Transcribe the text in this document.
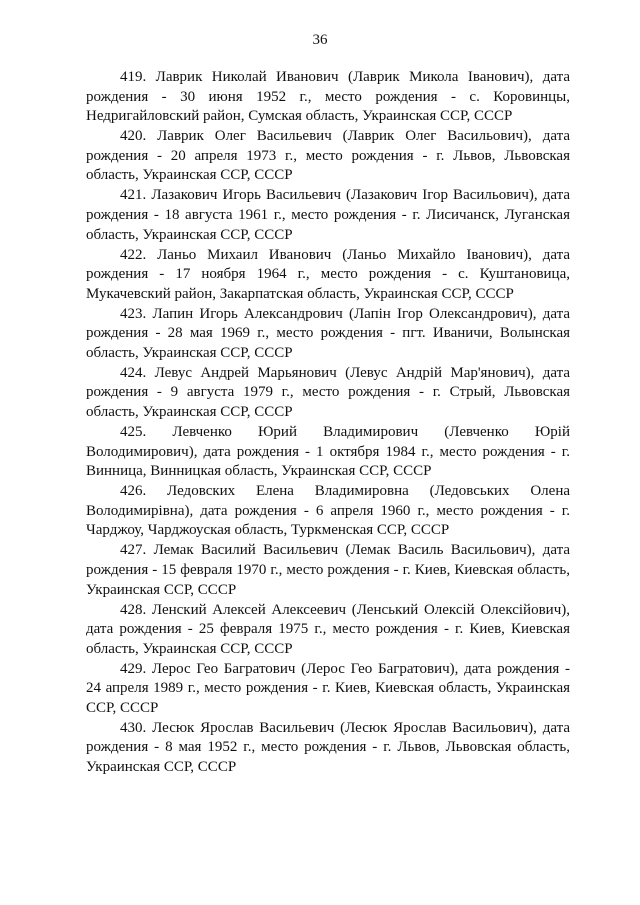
36

419. Лаврик Николай Иванович (Лаврик Микола Іванович), дата рождения - 30 июня 1952 г., место рождения - с. Коровинцы, Недригайловский район, Сумская область, Украинская ССР, СССР

420. Лаврик Олег Васильевич (Лаврик Олег Васильович), дата рождения - 20 апреля 1973 г., место рождения - г. Львов, Львовская область, Украинская ССР, СССР

421. Лазакович Игорь Васильевич (Лазакович Ігор Васильович), дата рождения - 18 августа 1961 г., место рождения - г. Лисичанск, Луганская область, Украинская ССР, СССР

422. Ланьо Михаил Иванович (Ланьо Михайло Іванович), дата рождения - 17 ноября 1964 г., место рождения - с. Куштановица, Мукачевский район, Закарпатская область, Украинская ССР, СССР

423. Лапин Игорь Александрович (Лапін Ігор Олександрович), дата рождения - 28 мая 1969 г., место рождения - пгт. Иваничи, Волынская область, Украинская ССР, СССР

424. Левус Андрей Марьянович (Левус Андрій Мар'янович), дата рождения - 9 августа 1979 г., место рождения - г. Стрый, Львовская область, Украинская ССР, СССР

425. Левченко Юрий Владимирович (Левченко Юрій Володимирович), дата рождения - 1 октября 1984 г., место рождения - г. Винница, Винницкая область, Украинская ССР, СССР

426. Ледовских Елена Владимировна (Ледовських Олена Володимирівна), дата рождения - 6 апреля 1960 г., место рождения - г. Чарджоу, Чарджоуская область, Туркменская ССР, СССР

427. Лемак Василий Васильевич (Лемак Василь Васильович), дата рождения - 15 февраля 1970 г., место рождения - г. Киев, Киевская область, Украинская ССР, СССР

428. Ленский Алексей Алексеевич (Ленський Олексій Олексійович), дата рождения - 25 февраля 1975 г., место рождения - г. Киев, Киевская область, Украинская ССР, СССР

429. Лерос Гео Багратович (Лерос Гео Багратович), дата рождения - 24 апреля 1989 г., место рождения - г. Киев, Киевская область, Украинская ССР, СССР

430. Лесюк Ярослав Васильевич (Лесюк Ярослав Васильович), дата рождения - 8 мая 1952 г., место рождения - г. Львов, Львовская область, Украинская ССР, СССР
